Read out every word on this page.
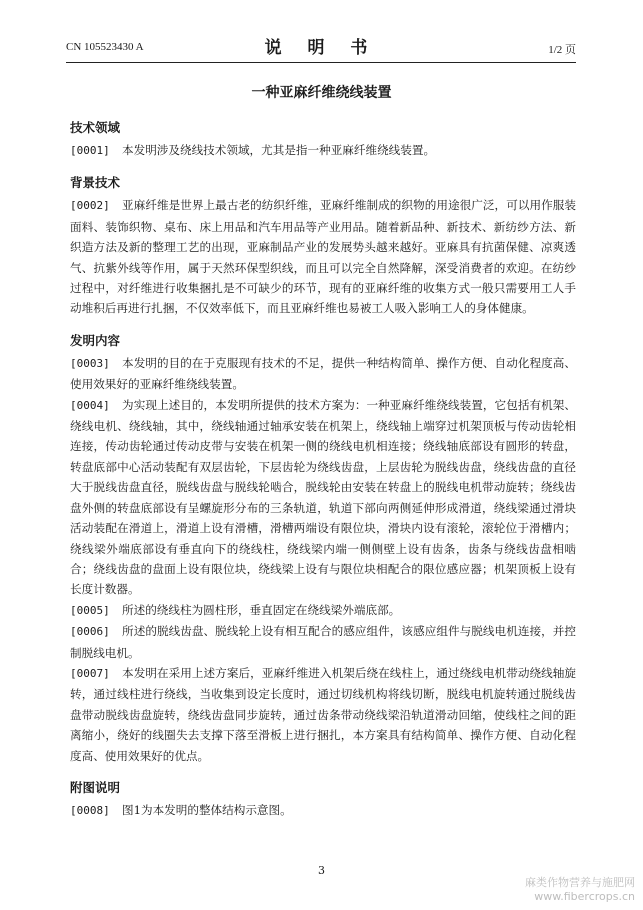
CN 105523430 A	说 明 书	1/2 页
一种亚麻纤维绕线装置
技术领域

[0001] 本发明涉及绕线技术领域，尤其是指一种亚麻纤维绕线装置。

背景技术

[0002] 亚麻纤维是世界上最古老的纺织纤维，亚麻纤维制成的织物的用途很广泛，可以用作服装面料、装饰织物、桌布、床上用品和汽车用品等产业用品。随着新品种、新技术、新纺纱方法、新织造方法及新的整理工艺的出现，亚麻制品产业的发展势头越来越好。亚麻具有抗菌保健、凉爽透气、抗紫外线等作用，属于天然环保型织线，而且可以完全自然降解，深受消费者的欢迎。在纺纱过程中，对纤维进行收集捆扎是不可缺少的环节，现有的亚麻纤维的收集方式一般只需要用工人手动堆积后再进行扎捆，不仅效率低下，而且亚麻纤维也易被工人吸入影响工人的身体健康。

发明内容

[0003] 本发明的目的在于克服现有技术的不足，提供一种结构简单、操作方便、自动化程度高、使用效果好的亚麻纤维绕线装置。

[0004] 为实现上述目的，本发明所提供的技术方案为：一种亚麻纤维绕线装置，它包括有机架、绕线电机、绕线轴，其中，绕线轴通过轴承安装在机架上，绕线轴上端穿过机架顶板与传动齿轮相连接，传动齿轮通过传动皮带与安装在机架一侧的绕线电机相连接；绕线轴底部设有圆形的转盘，转盘底部中心活动装配有双层齿轮，下层齿轮为绕线齿盘，上层齿轮为脱线齿盘，绕线齿盘的直径大于脱线齿盘直径，脱线齿盘与脱线轮啮合，脱线轮由安装在转盘上的脱线电机带动旋转；绕线齿盘外侧的转盘底部设有呈螺旋形分布的三条轨道，轨道下部向两侧延伸形成滑道，绕线梁通过滑块活动装配在滑道上，滑道上设有滑槽，滑槽两端设有限位块，滑块内设有滚轮，滚轮位于滑槽内；绕线梁外端底部设有垂直向下的绕线柱，绕线梁内端一侧侧壁上设有齿条，齿条与绕线齿盘相啮合；绕线齿盘的盘面上设有限位块，绕线梁上设有与限位块相配合的限位感应器；机架顶板上设有长度计数器。

[0005] 所述的绕线柱为圆柱形，垂直固定在绕线梁外端底部。

[0006] 所述的脱线齿盘、脱线轮上设有相互配合的感应组件，该感应组件与脱线电机连接，并控制脱线电机。

[0007] 本发明在采用上述方案后，亚麻纤维进入机架后绕在线柱上，通过绕线电机带动绕线轴旋转，通过线柱进行绕线，当收集到设定长度时，通过切线机构将线切断，脱线电机旋转通过脱线齿盘带动脱线齿盘旋转，绕线齿盘同步旋转，通过齿条带动绕线梁沿轨道滑动回缩，使线柱之间的距离缩小，绕好的线圈失去支撑下落至滑板上进行捆扎，本方案具有结构简单、操作方便、自动化程度高、使用效果好的优点。

附图说明

[0008] 图1为本发明的整体结构示意图。

3
麻类作物营养与施肥网
www.fibercrops.cn
